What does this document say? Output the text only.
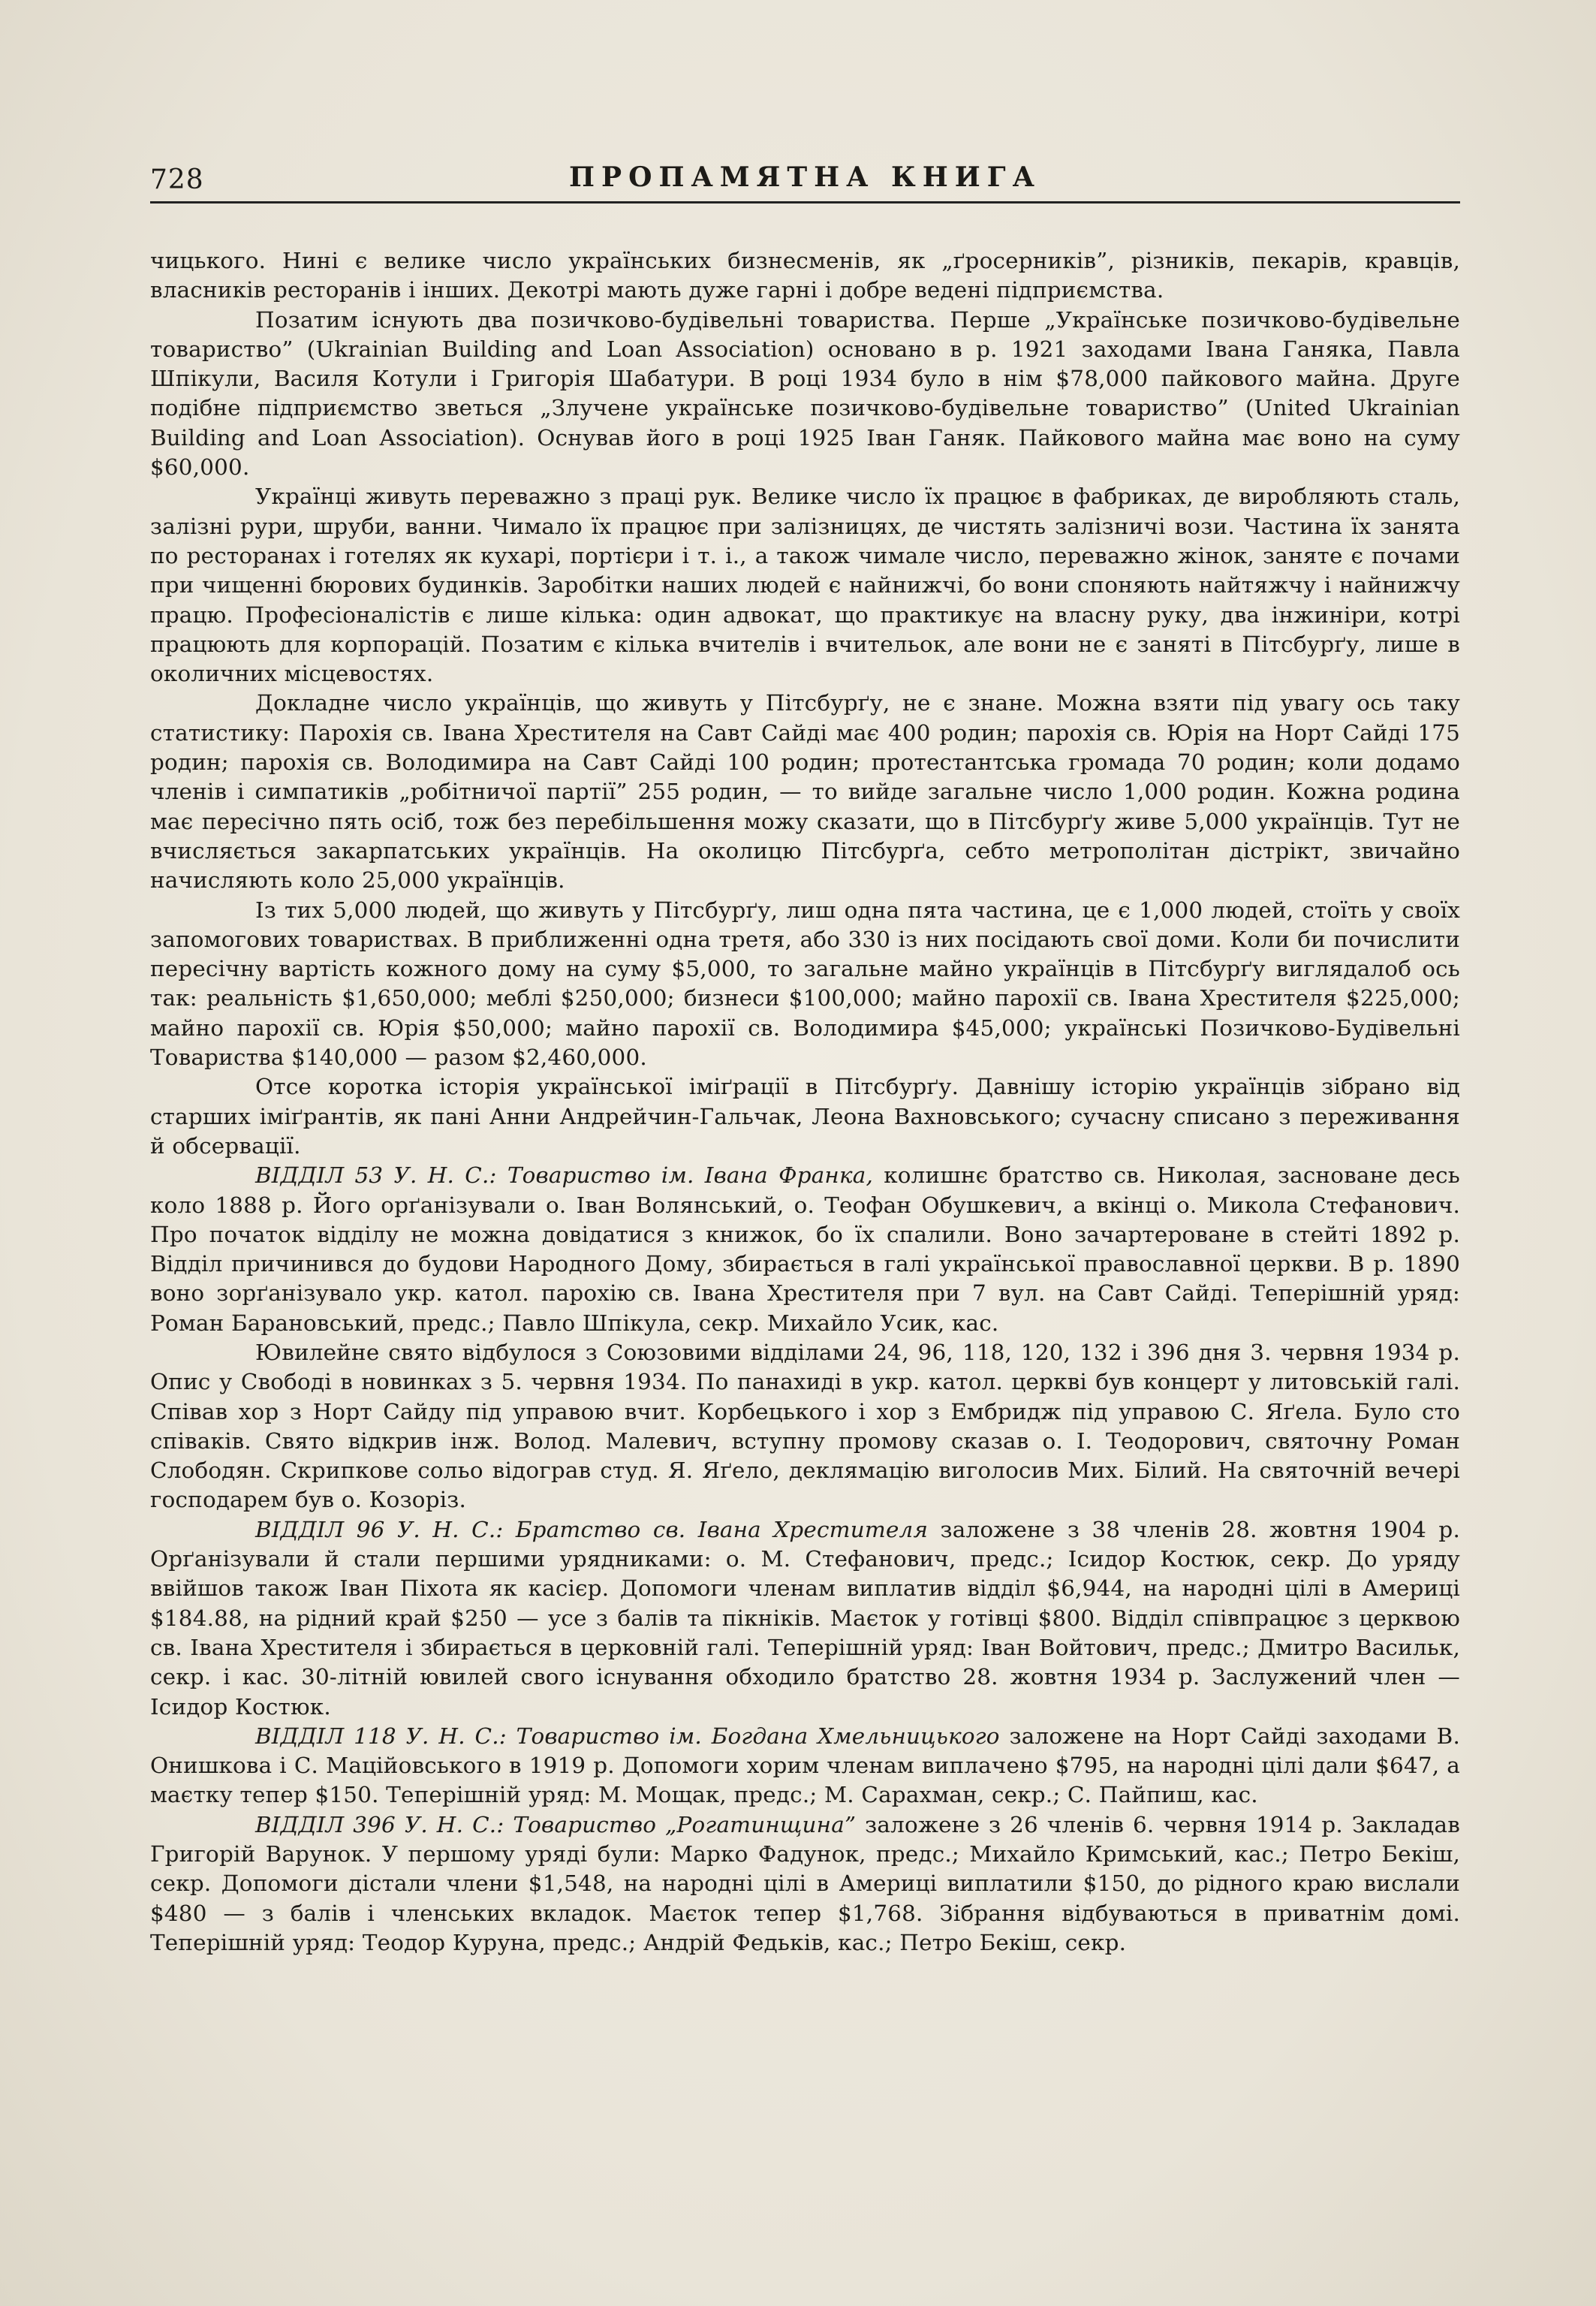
728	ПРОПАМЯТНА КНИГА

чицького. Нині є велике число українських бизнесменів, як „ґросерників”, різників, пекарів, кравців, власників ресторанів і інших. Декотрі мають дуже гарні і добре ведені підприємства.

Позатим існують два позичково-будівельні товариства. Перше „Українське позичково-будівельне товариство” (Ukrainian Building and Loan Association) основано в р. 1921 заходами Івана Ганяка, Павла Шпікули, Василя Котули і Григорія Шабатури. В році 1934 було в нім $78,000 пайкового майна. Друге подібне підприємство зветься „Злучене українське позичково-будівельне товариство” (United Ukrainian Building and Loan Association). Оснував його в році 1925 Іван Ганяк. Пайкового майна має воно на суму $60,000.

Українці живуть переважно з праці рук. Велике число їх працює в фабриках, де виробляють сталь, залізні рури, шруби, ванни. Чимало їх працює при залізницях, де чистять залізничі вози. Частина їх занята по ресторанах і готелях як кухарі, портієри і т. і., а також чимале число, переважно жінок, заняте є почами при чищенні бюрових будинків. Заробітки наших людей є найнижчі, бо вони споняють найтяжчу і найнижчу працю. Професіоналістів є лише кілька: один адвокат, що практикує на власну руку, два інжиніри, котрі працюють для корпорацій. Позатим є кілька вчителів і вчительок, але вони не є заняті в Пітсбурґу, лише в околичних місцевостях.

Докладне число українців, що живуть у Пітсбурґу, не є знане. Можна взяти під увагу ось таку статистику: Парохія св. Івана Хрестителя на Савт Сайді має 400 родин; парохія св. Юрія на Норт Сайді 175 родин; парохія св. Володимира на Савт Сайді 100 родин; протестантська громада 70 родин; коли додамо членів і симпатиків „робітничої партії” 255 родин, — то вийде загальне число 1,000 родин. Кожна родина має пересічно пять осіб, тож без перебільшення можу сказати, що в Пітсбурґу живе 5,000 українців. Тут не вчисляється закарпатських українців. На околицю Пітсбурґа, себто метрополітан дістрікт, звичайно начисляють коло 25,000 українців.

Із тих 5,000 людей, що живуть у Пітсбурґу, лиш одна пята частина, це є 1,000 людей, стоїть у своїх запомогових товариствах. В приближенні одна третя, або 330 із них посідають свої доми. Коли би почислити пересічну вартість кожного дому на суму $5,000, то загальне майно українців в Пітсбурґу виглядалоб ось так: реальність $1,650,000; меблі $250,000; бизнеси $100,000; майно парохії св. Івана Хрестителя $225,000; майно парохії св. Юрія $50,000; майно парохії св. Володимира $45,000; українські Позичково-Будівельні Товариства $140,000 — разом $2,460,000.

Отсе коротка історія української іміґрації в Пітсбурґу. Давнішу історію українців зібрано від старших іміґрантів, як пані Анни Андрейчин-Гальчак, Леона Вахновського; сучасну списано з переживання й обсервації.

ВІДДІЛ 53 У. Н. С.: Товариство ім. Івана Франка, колишнє братство св. Николая, засноване десь коло 1888 р. Його орґанізували о. Іван Волянський, о. Теофан Обушкевич, а вкінці о. Микола Стефанович. Про початок відділу не можна довідатися з книжок, бо їх спалили. Воно зачартероване в стейті 1892 р. Відділ причинився до будови Народного Дому, збирається в галі української православної церкви. В р. 1890 воно зорґанізувало укр. катол. парохію св. Івана Хрестителя при 7 вул. на Савт Сайді. Теперішній уряд: Роман Барановський, предс.; Павло Шпікула, секр. Михайло Усик, кас.

Ювилейне свято відбулося з Союзовими відділами 24, 96, 118, 120, 132 і 396 дня 3. червня 1934 р. Опис у Свободі в новинках з 5. червня 1934. По панахиді в укр. катол. церкві був концерт у литовській галі. Співав хор з Норт Сайду під управою вчит. Корбецького і хор з Ембридж під управою С. Яґела. Було сто співаків. Свято відкрив інж. Волод. Малевич, вступну промову сказав о. І. Теодорович, святочну Роман Слободян. Скрипкове сольо відограв студ. Я. Яґело, деклямацію виголосив Мих. Білий. На святочній вечері господарем був о. Козоріз.

ВІДДІЛ 96 У. Н. С.: Братство св. Івана Хрестителя заложене з 38 членів 28. жовтня 1904 р. Орґанізували й стали першими урядниками: о. М. Стефанович, предс.; Ісидор Костюк, секр. До уряду ввійшов також Іван Піхота як касієр. Допомоги членам виплатив відділ $6,944, на народні цілі в Америці $184.88, на рідний край $250 — усе з балів та пікніків. Маєток у готівці $800. Відділ співпрацює з церквою св. Івана Хрестителя і збирається в церковній галі. Теперішній уряд: Іван Войтович, предс.; Дмитро Васильк, секр. і кас. 30-літній ювилей свого існування обходило братство 28. жовтня 1934 р. Заслужений член — Ісидор Костюк.

ВІДДІЛ 118 У. Н. С.: Товариство ім. Богдана Хмельницького заложене на Норт Сайді заходами В. Онишкова і С. Маційовського в 1919 р. Допомоги хорим членам виплачено $795, на народні цілі дали $647, а маєтку тепер $150. Теперішній уряд: М. Мощак, предс.; М. Сарахман, секр.; С. Пайпиш, кас.

ВІДДІЛ 396 У. Н. С.: Товариство „Рогатинщина” заложене з 26 членів 6. червня 1914 р. Закладав Григорій Варунок. У першому уряді були: Марко Фадунок, предс.; Михайло Кримський, кас.; Петро Бекіш, секр. Допомоги дістали члени $1,548, на народні цілі в Америці виплатили $150, до рідного краю вислали $480 — з балів і членських вкладок. Маєток тепер $1,768. Зібрання відбуваються в приватнім домі. Теперішній уряд: Теодор Куруна, предс.; Андрій Федьків, кас.; Петро Бекіш, секр.
